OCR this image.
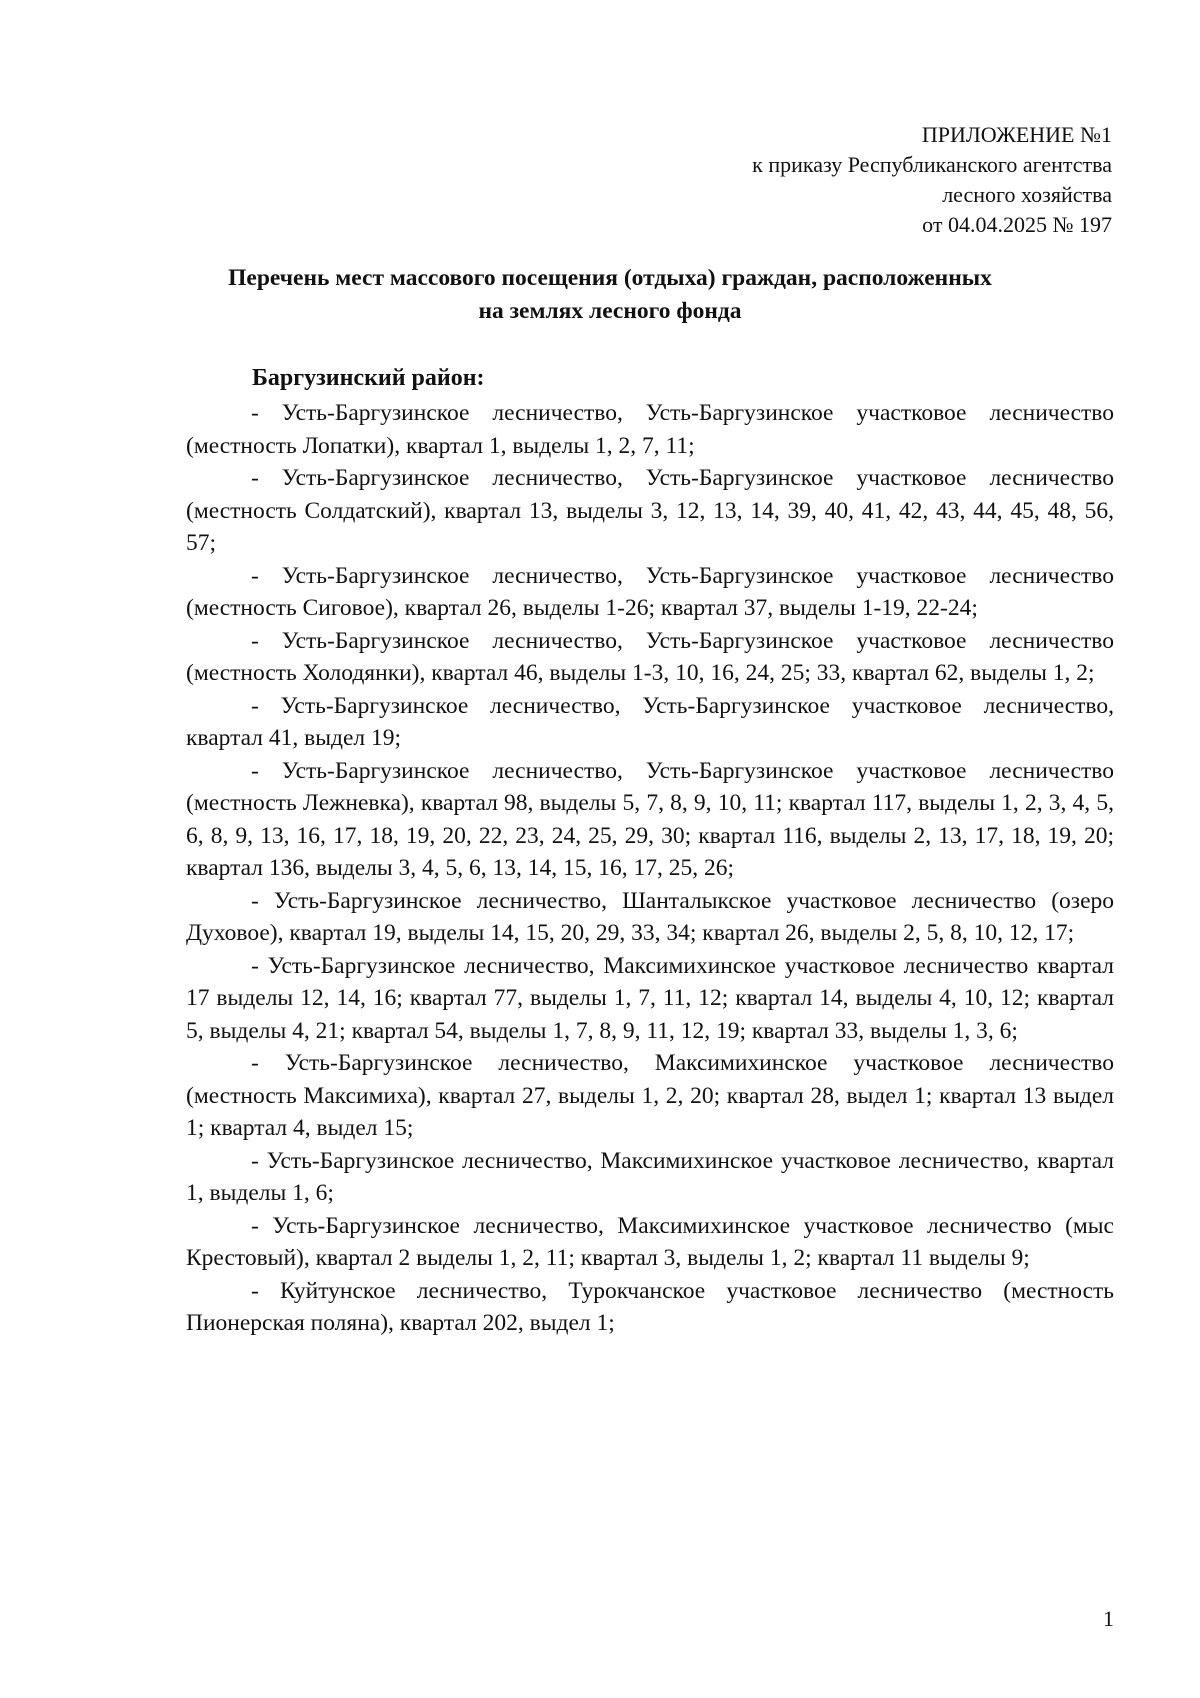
ПРИЛОЖЕНИЕ №1
к приказу Республиканского агентства
лесного хозяйства
от 04.04.2025 № 197
Перечень мест массового посещения (отдыха) граждан, расположенных
на землях лесного фонда
Баргузинский район:

- Усть-Баргузинское лесничество, Усть-Баргузинское участковое лесничество (местность Лопатки), квартал 1, выделы 1, 2, 7, 11;

- Усть-Баргузинское лесничество, Усть-Баргузинское участковое лесничество (местность Солдатский), квартал 13, выделы 3, 12, 13, 14, 39, 40, 41, 42, 43, 44, 45, 48, 56, 57;

- Усть-Баргузинское лесничество, Усть-Баргузинское участковое лесничество (местность Сиговое), квартал 26, выделы 1-26; квартал 37, выделы 1-19, 22-24;

- Усть-Баргузинское лесничество, Усть-Баргузинское участковое лесничество (местность Холодянки), квартал 46, выделы 1-3, 10, 16, 24, 25; 33, квартал 62, выделы 1, 2;

- Усть-Баргузинское лесничество, Усть-Баргузинское участковое лесничество, квартал 41, выдел 19;

- Усть-Баргузинское лесничество, Усть-Баргузинское участковое лесничество (местность Лежневка), квартал 98, выделы 5, 7, 8, 9, 10, 11; квартал 117, выделы 1, 2, 3, 4, 5, 6, 8, 9, 13, 16, 17, 18, 19, 20, 22, 23, 24, 25, 29, 30; квартал 116, выделы 2, 13, 17, 18, 19, 20; квартал 136, выделы 3, 4, 5, 6, 13, 14, 15, 16, 17, 25, 26;

- Усть-Баргузинское лесничество, Шанталыкское участковое лесничество (озеро Духовое), квартал 19, выделы 14, 15, 20, 29, 33, 34; квартал 26, выделы 2, 5, 8, 10, 12, 17;

- Усть-Баргузинское лесничество, Максимихинское участковое лесничество квартал 17 выделы 12, 14, 16; квартал 77, выделы 1, 7, 11, 12; квартал 14, выделы 4, 10, 12; квартал 5, выделы 4, 21; квартал 54, выделы 1, 7, 8, 9, 11, 12, 19; квартал 33, выделы 1, 3, 6;

- Усть-Баргузинское лесничество, Максимихинское участковое лесничество (местность Максимиха), квартал 27, выделы 1, 2, 20; квартал 28, выдел 1; квартал 13 выдел 1; квартал 4, выдел 15;

- Усть-Баргузинское лесничество, Максимихинское участковое лесничество, квартал 1, выделы 1, 6;

- Усть-Баргузинское лесничество, Максимихинское участковое лесничество (мыс Крестовый), квартал 2 выделы 1, 2, 11; квартал 3, выделы 1, 2; квартал 11 выделы 9;

- Куйтунское лесничество, Турокчанское участковое лесничество (местность Пионерская поляна), квартал 202, выдел 1;

1
